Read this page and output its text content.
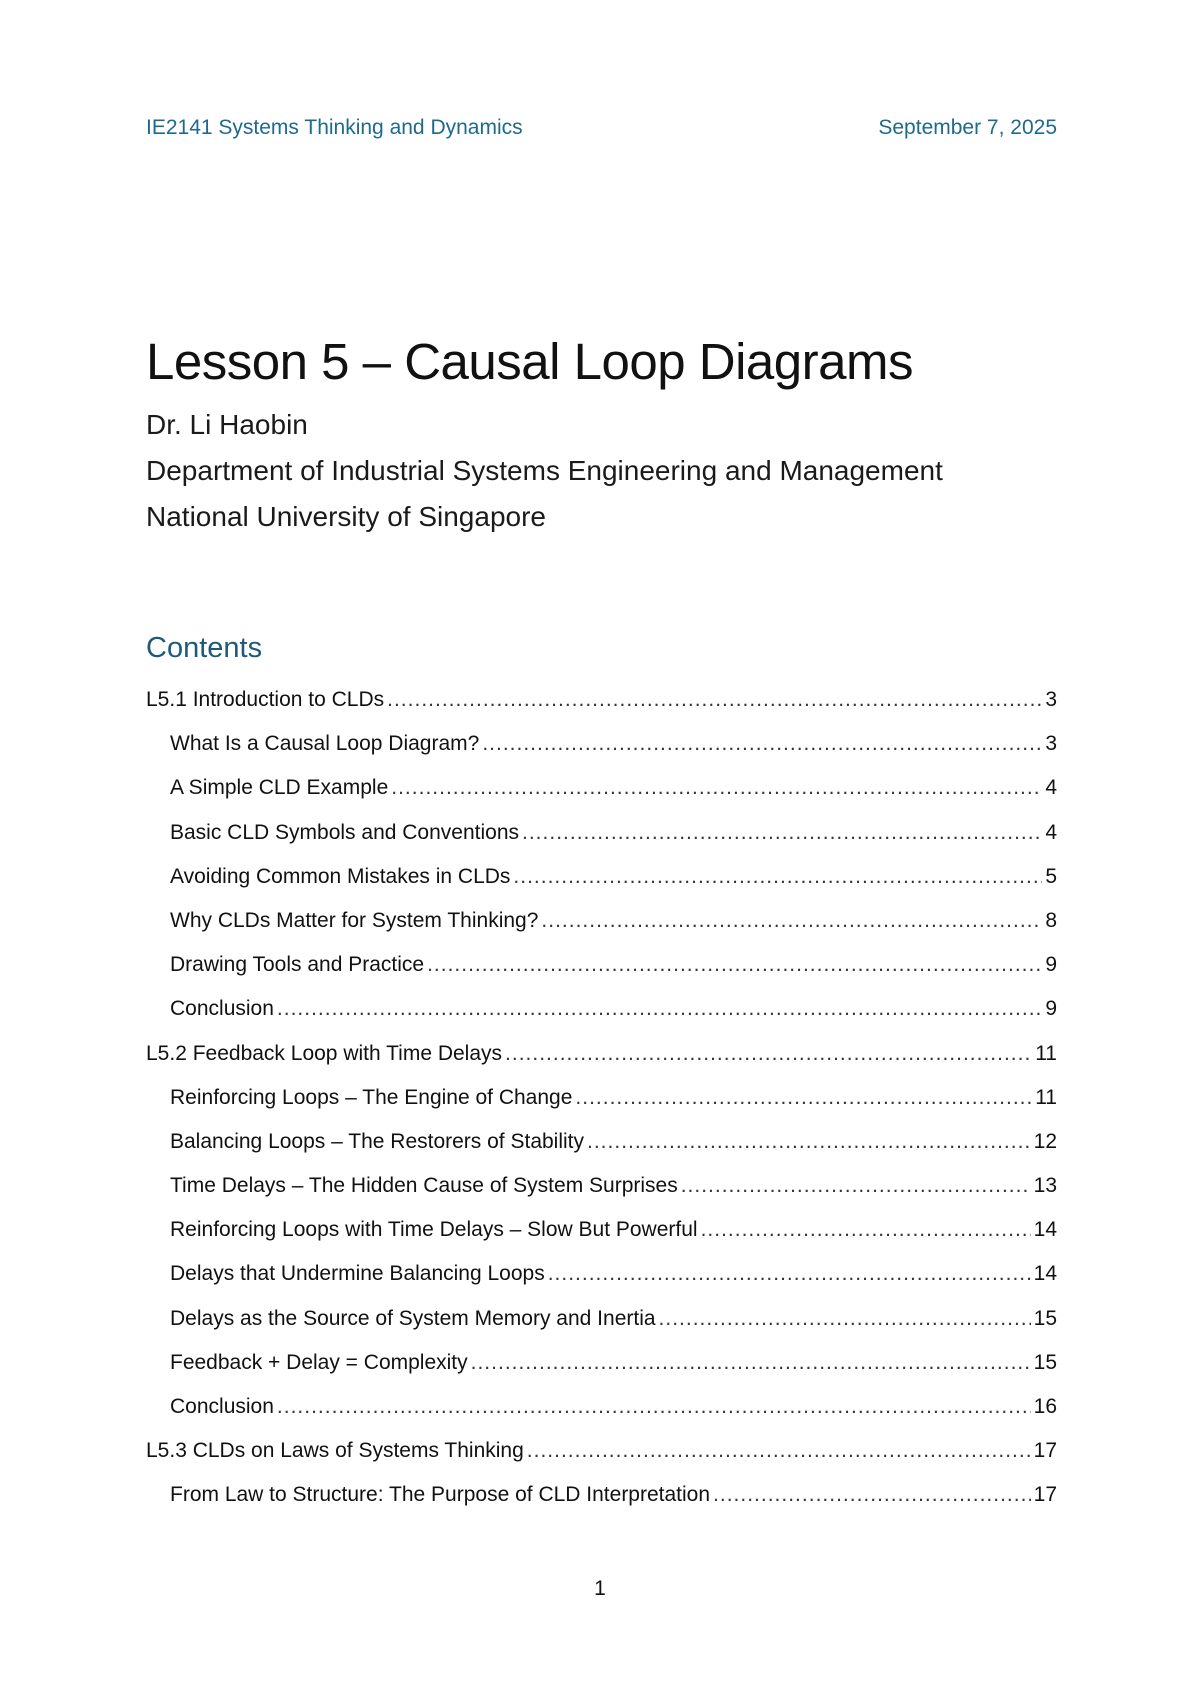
IE2141 Systems Thinking and Dynamics	September 7, 2025
Lesson 5 – Causal Loop Diagrams
Dr. Li Haobin
Department of Industrial Systems Engineering and Management
National University of Singapore
Contents
L5.1 Introduction to CLDs .....	3
What Is a Causal Loop Diagram? .....	3
A Simple CLD Example .....	4
Basic CLD Symbols and Conventions .....	4
Avoiding Common Mistakes in CLDs .....	5
Why CLDs Matter for System Thinking? .....	8
Drawing Tools and Practice .....	9
Conclusion .....	9
L5.2 Feedback Loop with Time Delays .....	11
Reinforcing Loops – The Engine of Change .....	11
Balancing Loops – The Restorers of Stability .....	12
Time Delays – The Hidden Cause of System Surprises .....	13
Reinforcing Loops with Time Delays – Slow But Powerful .....	14
Delays that Undermine Balancing Loops .....	14
Delays as the Source of System Memory and Inertia .....	15
Feedback + Delay = Complexity .....	15
Conclusion .....	16
L5.3 CLDs on Laws of Systems Thinking .....	17
From Law to Structure: The Purpose of CLD Interpretation .....	17
1
